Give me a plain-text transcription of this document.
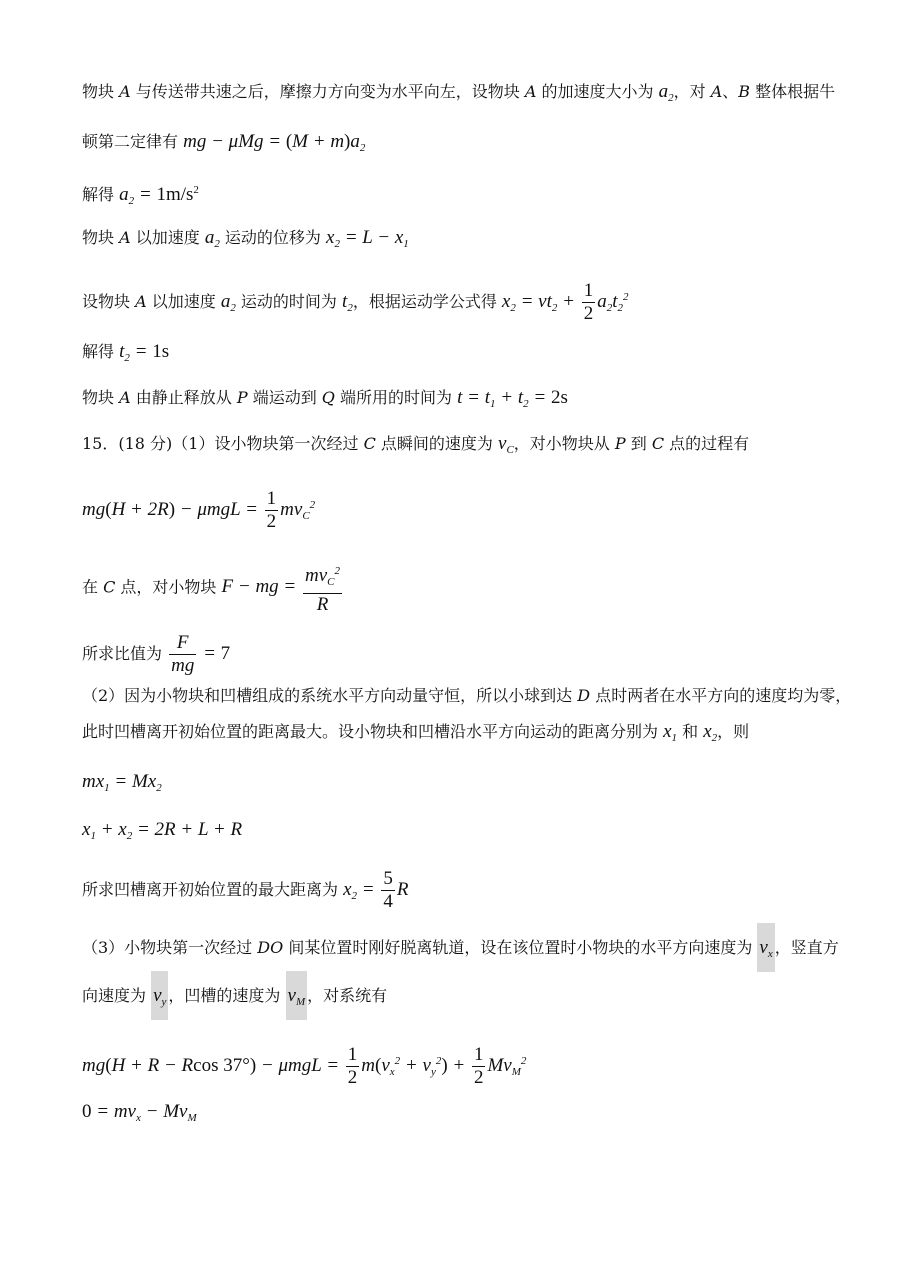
物块 A 与传送带共速之后，摩擦力方向变为水平向左，设物块 A 的加速度大小为 $a_2$，对 A、B 整体根据牛
顿第二定律有 mg − $\mu Mg = (M + m)a_2$
解得 $a_2 = 1m/s^2$
物块 A 以加速度 $a_2$ 运动的位移为 $x_2 = L - x_1$
设物块 A 以加速度 $a_2$ 运动的时间为 $t_2$，根据运动学公式得 $x_2 = vt_2 + \frac{1}{2} a_2t_2^2$
解得 $t_2 = 1s$
物块 A 由静止释放从 P 端运动到 Q 端所用的时间为 $t = t_1 + t_2 = 2s$
15．(18 分)（1）设小物块第一次经过 C 点瞬间的速度为 $v_C$，对小物块从 P 到 C 点的过程有
$mg(H + 2R) - \mu mgL = \frac{1}{2} mv_C^2$
在 C 点，对小物块 F − mg = $\frac{mv_C^2}{R}$
所求比值为 $\frac{F}{mg} = 7$
（2）因为小物块和凹槽组成的系统水平方向动量守恒，所以小球到达 D 点时两者在水平方向的速度均为零，
此时凹槽离开初始位置的距离最大。设小物块和凹槽沿水平方向运动的距离分别为 $x_1$ 和 $x_2$，则
$mx_1 = Mx_2$
$x_1 + x_2 = 2R + L + R$
所求凹槽离开初始位置的最大距离为 $x_2 = \frac{5}{4}$ R
（3）小物块第一次经过 DO 间某位置时刚好脱离轨道，设在该位置时小物块的水平方向速度为 $v_x$ ，竖直方
向速度为 $v_y$ ，凹槽的速度为 $v_M$ ，对系统有
mg(H + R − Rcos $37^\circ) - \mu mgL = \frac{1}{2} m(v_x^2 + v_y^2) + \frac{1}{2} Mv_M^2$
$0 = mv_x - Mv_M$
